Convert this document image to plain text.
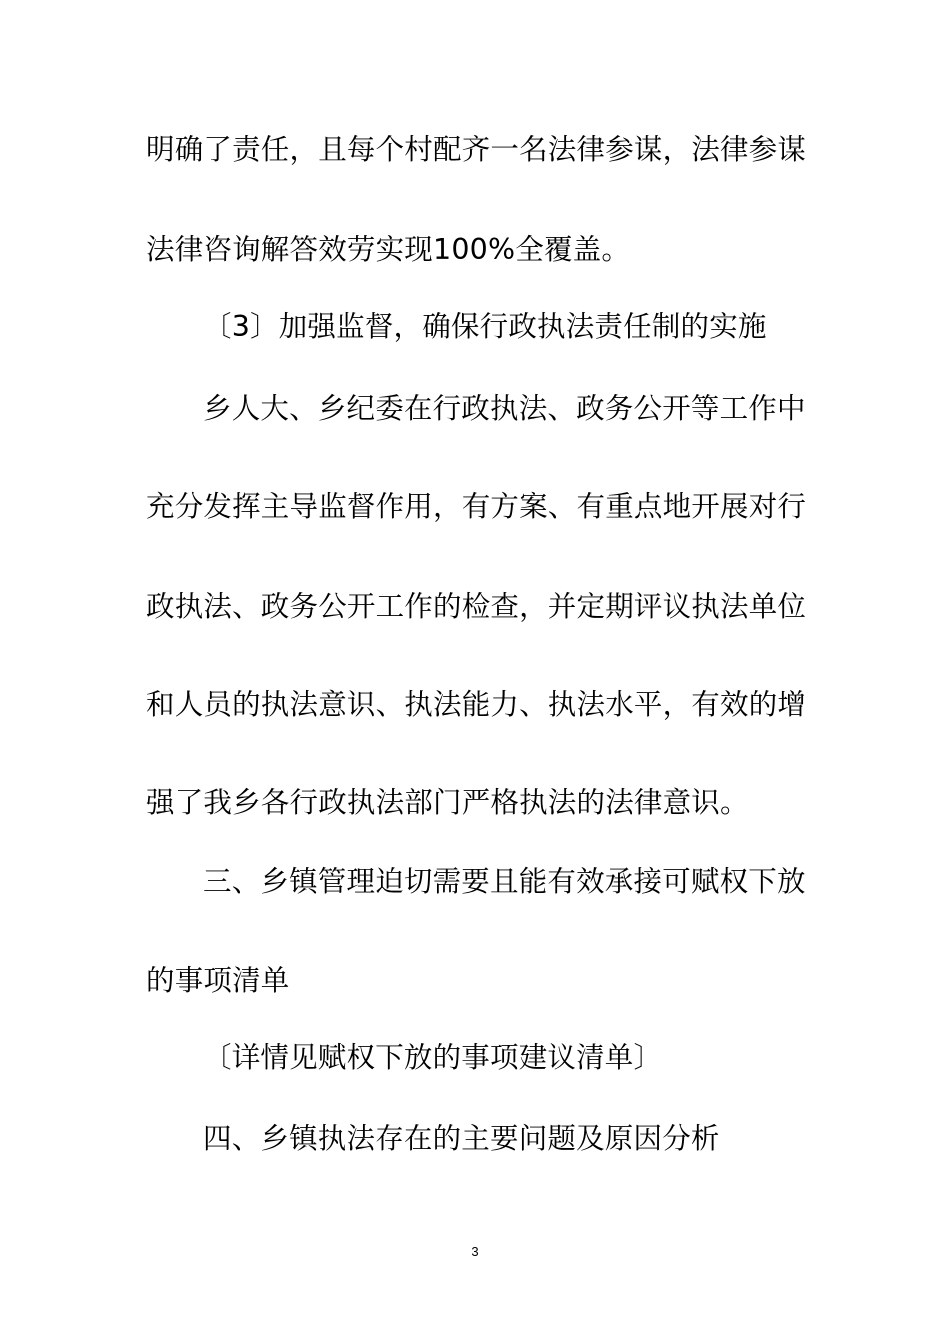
明确了责任，且每个村配齐一名法律参谋，法律参谋
法律咨询解答效劳实现100%全覆盖。
〔3〕加强监督，确保行政执法责任制的实施
乡人大、乡纪委在行政执法、政务公开等工作中
充分发挥主导监督作用，有方案、有重点地开展对行
政执法、政务公开工作的检查，并定期评议执法单位
和人员的执法意识、执法能力、执法水平，有效的增
强了我乡各行政执法部门严格执法的法律意识。
三、乡镇管理迫切需要且能有效承接可赋权下放
的事项清单
〔详情见赋权下放的事项建议清单〕
四、乡镇执法存在的主要问题及原因分析
3
